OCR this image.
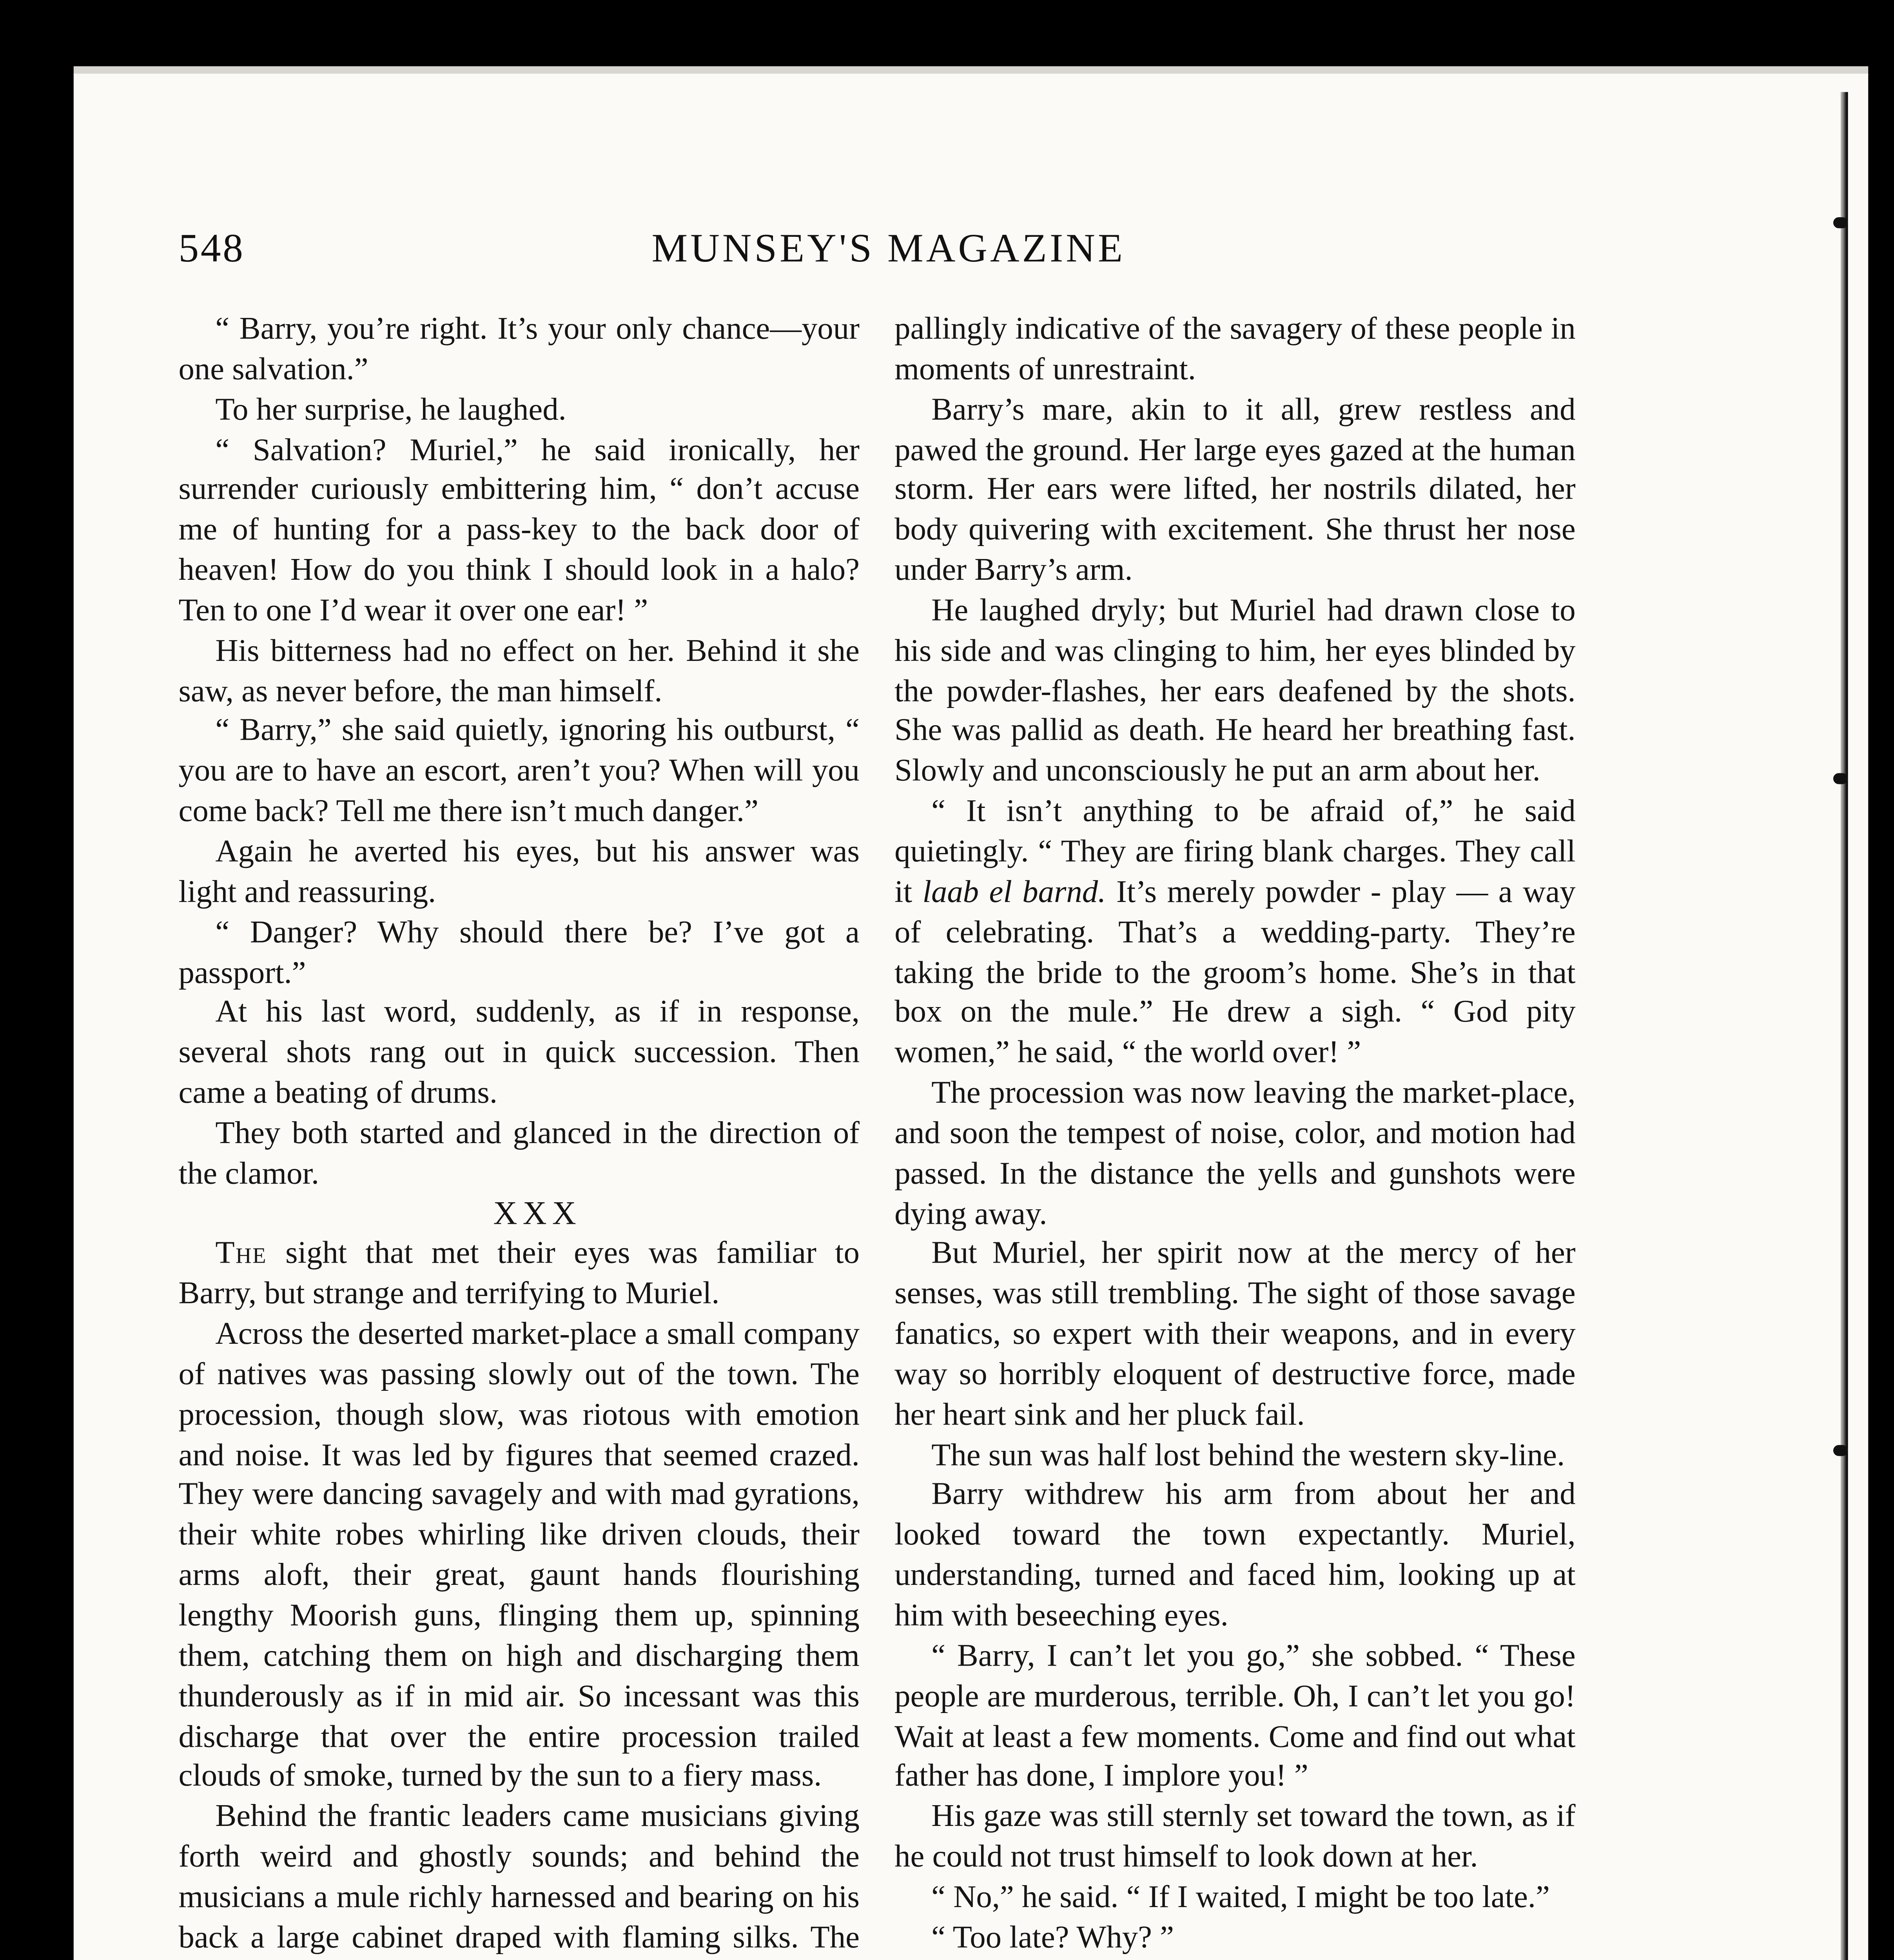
548	MUNSEY'S MAGAZINE

“ Barry, you’re right. It’s your only chance—your one salvation.”

To her surprise, he laughed.

“ Salvation? Muriel,” he said ironically, her surrender curiously embittering him, “ don’t accuse me of hunting for a pass-key to the back door of heaven! How do you think I should look in a halo? Ten to one I’d wear it over one ear! ”

His bitterness had no effect on her. Behind it she saw, as never before, the man himself.

“ Barry,” she said quietly, ignoring his outburst, “ you are to have an escort, aren’t you? When will you come back? Tell me there isn’t much danger.”

Again he averted his eyes, but his answer was light and reassuring.

“ Danger? Why should there be? I’ve got a passport.”

At his last word, suddenly, as if in response, several shots rang out in quick succession. Then came a beating of drums.

They both started and glanced in the direction of the clamor.

XXX

The sight that met their eyes was familiar to Barry, but strange and terrifying to Muriel.

Across the deserted market-place a small company of natives was passing slowly out of the town. The procession, though slow, was riotous with emotion and noise. It was led by figures that seemed crazed. They were dancing savagely and with mad gyrations, their white robes whirling like driven clouds, their arms aloft, their great, gaunt hands flourishing lengthy Moorish guns, flinging them up, spinning them, catching them on high and discharging them thunderously as if in mid air. So incessant was this discharge that over the entire procession trailed clouds of smoke, turned by the sun to a fiery mass.

Behind the frantic leaders came musicians giving forth weird and ghostly sounds; and behind the musicians a mule richly harnessed and bearing on his back a large cabinet draped with flaming silks. The

pallingly indicative of the savagery of these people in moments of unrestraint.

Barry’s mare, akin to it all, grew restless and pawed the ground. Her large eyes gazed at the human storm. Her ears were lifted, her nostrils dilated, her body quivering with excitement. She thrust her nose under Barry’s arm.

He laughed dryly; but Muriel had drawn close to his side and was clinging to him, her eyes blinded by the powder-flashes, her ears deafened by the shots. She was pallid as death. He heard her breathing fast. Slowly and unconsciously he put an arm about her.

“ It isn’t anything to be afraid of,” he said quietingly. “ They are firing blank charges. They call it laab el barnd. It’s merely powder - play — a way of celebrating. That’s a wedding-party. They’re taking the bride to the groom’s home. She’s in that box on the mule.” He drew a sigh. “ God pity women,” he said, “ the world over! ”

The procession was now leaving the market-place, and soon the tempest of noise, color, and motion had passed. In the distance the yells and gunshots were dying away.

But Muriel, her spirit now at the mercy of her senses, was still trembling. The sight of those savage fanatics, so expert with their weapons, and in every way so horribly eloquent of destructive force, made her heart sink and her pluck fail.

The sun was half lost behind the western sky-line.

Barry withdrew his arm from about her and looked toward the town expectantly. Muriel, understanding, turned and faced him, looking up at him with beseeching eyes.

“ Barry, I can’t let you go,” she sobbed. “ These people are murderous, terrible. Oh, I can’t let you go! Wait at least a few moments. Come and find out what father has done, I implore you! ”

His gaze was still sternly set toward the town, as if he could not trust himself to look down at her.

“ No,” he said. “ If I waited, I might be too late.”

“ Too late? Why? ”
